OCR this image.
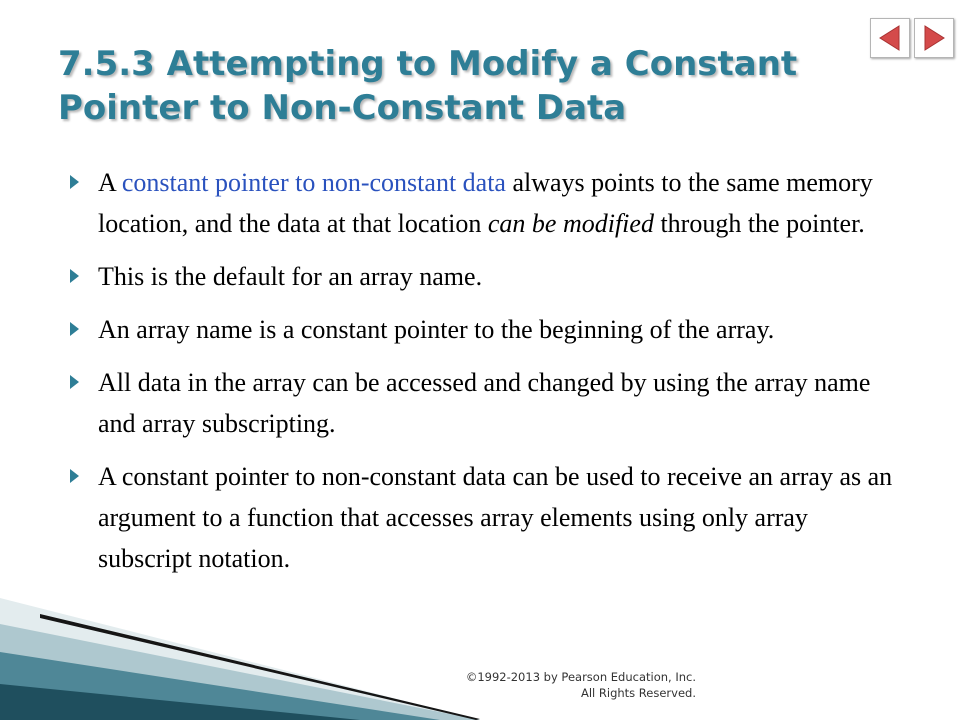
7.5.3 Attempting to Modify a Constant
Pointer to Non-Constant Data
A constant pointer to non-constant data always points to the same memory location, and the data at that location can be modified through the pointer.
This is the default for an array name.
An array name is a constant pointer to the beginning of the array.
All data in the array can be accessed and changed by using the array name and array subscripting.
A constant pointer to non-constant data can be used to receive an array as an argument to a function that accesses array elements using only array subscript notation.
©1992-2013 by Pearson Education, Inc.
All Rights Reserved.
